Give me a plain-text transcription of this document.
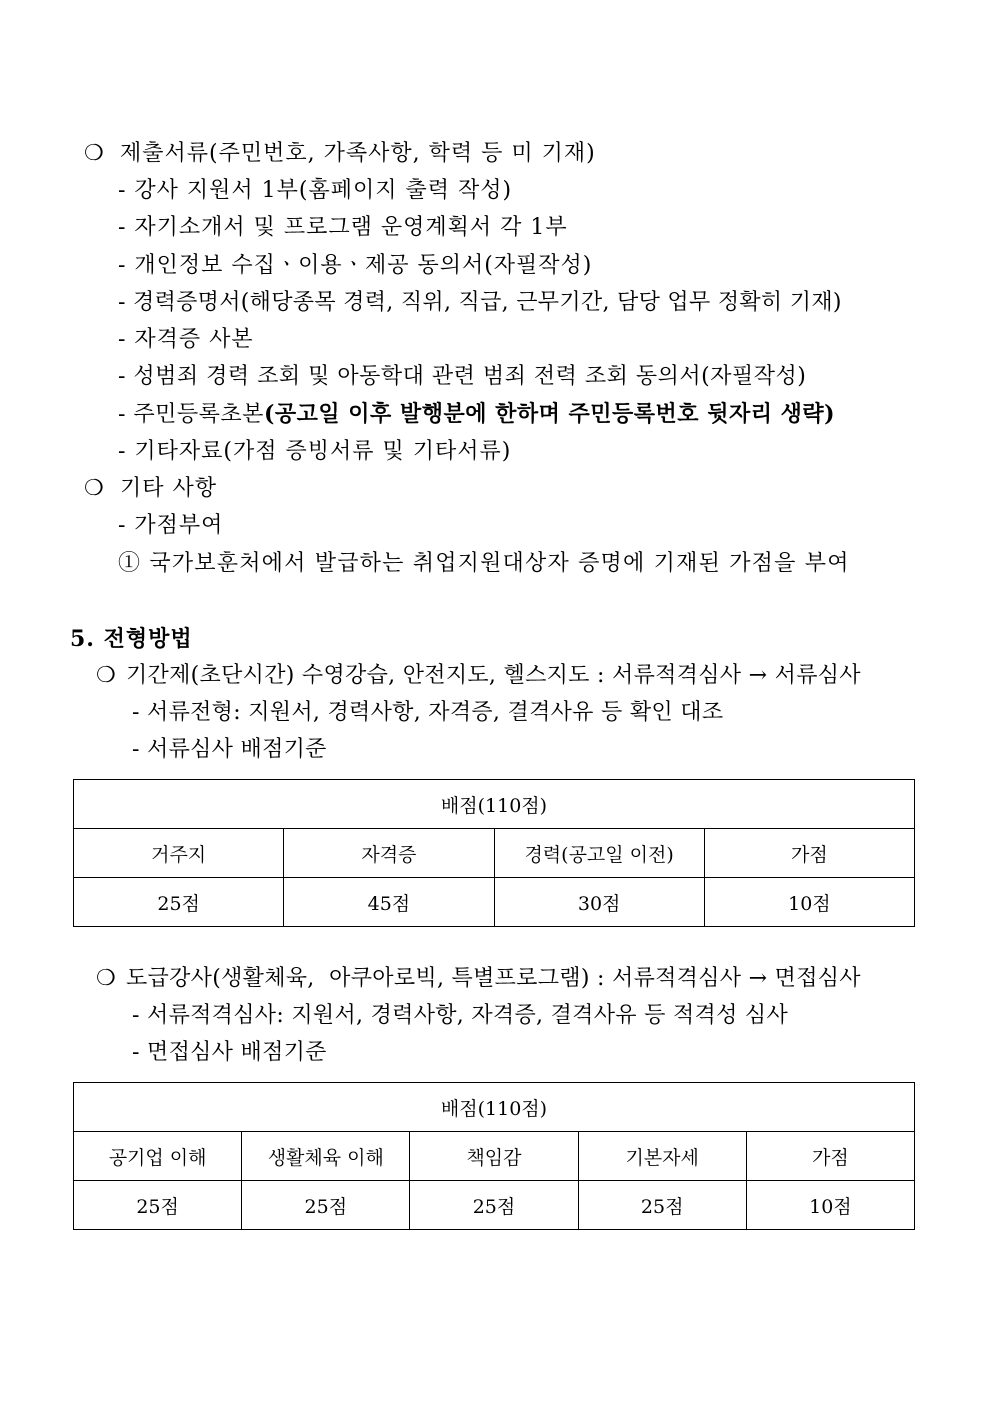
❍ 제출서류(주민번호, 가족사항, 학력 등 미 기재)
- 강사 지원서 1부(홈페이지 출력 작성)
- 자기소개서 및 프로그램 운영계획서 각 1부
- 개인정보 수집ㆍ이용ㆍ제공 동의서(자필작성)
- 경력증명서(해당종목 경력, 직위, 직급, 근무기간, 담당 업무 정확히 기재)
- 자격증 사본
- 성범죄 경력 조회 및 아동학대 관련 범죄 전력 조회 동의서(자필작성)
- 주민등록초본(공고일 이후 발행분에 한하며 주민등록번호 뒷자리 생략)
- 기타자료(가점 증빙서류 및 기타서류)
❍ 기타 사항
- 가점부여
① 국가보훈처에서 발급하는 취업지원대상자 증명에 기재된 가점을 부여
5. 전형방법
❍ 기간제(초단시간) 수영강습, 안전지도, 헬스지도 : 서류적격심사 → 서류심사
- 서류전형: 지원서, 경력사항, 자격증, 결격사유 등 확인 대조
- 서류심사 배점기준
배점(110점)			
거주지	자격증	경력(공고일 이전)	가점
25점	45점	30점	10점
❍ 도급강사(생활체육,  아쿠아로빅, 특별프로그램) : 서류적격심사 → 면접심사
- 서류적격심사: 지원서, 경력사항, 자격증, 결격사유 등 적격성 심사
- 면접심사 배점기준
배점(110점)				
공기업 이해	생활체육 이해	책임감	기본자세	가점
25점	25점	25점	25점	10점
